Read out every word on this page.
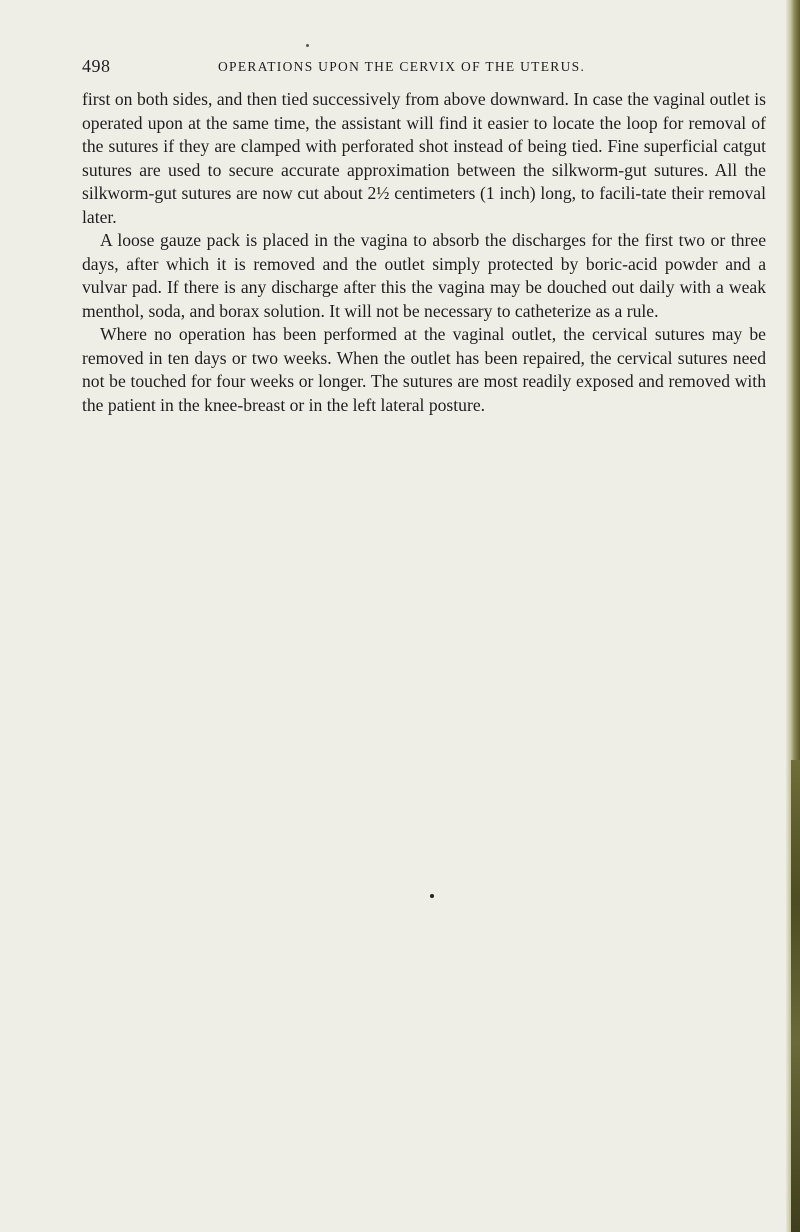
498	OPERATIONS UPON THE CERVIX OF THE UTERUS.

first on both sides, and then tied successively from above downward. In case the vaginal outlet is operated upon at the same time, the assistant will find it easier to locate the loop for removal of the sutures if they are clamped with perforated shot instead of being tied. Fine superficial catgut sutures are used to secure accurate approximation between the silkworm-gut sutures. All the silkworm-gut sutures are now cut about 2½ centimeters (1 inch) long, to facili-tate their removal later.

A loose gauze pack is placed in the vagina to absorb the discharges for the first two or three days, after which it is removed and the outlet simply protected by boric-acid powder and a vulvar pad. If there is any discharge after this the vagina may be douched out daily with a weak menthol, soda, and borax solution. It will not be necessary to catheterize as a rule.

Where no operation has been performed at the vaginal outlet, the cervical sutures may be removed in ten days or two weeks. When the outlet has been repaired, the cervical sutures need not be touched for four weeks or longer. The sutures are most readily exposed and removed with the patient in the knee-breast or in the left lateral posture.
